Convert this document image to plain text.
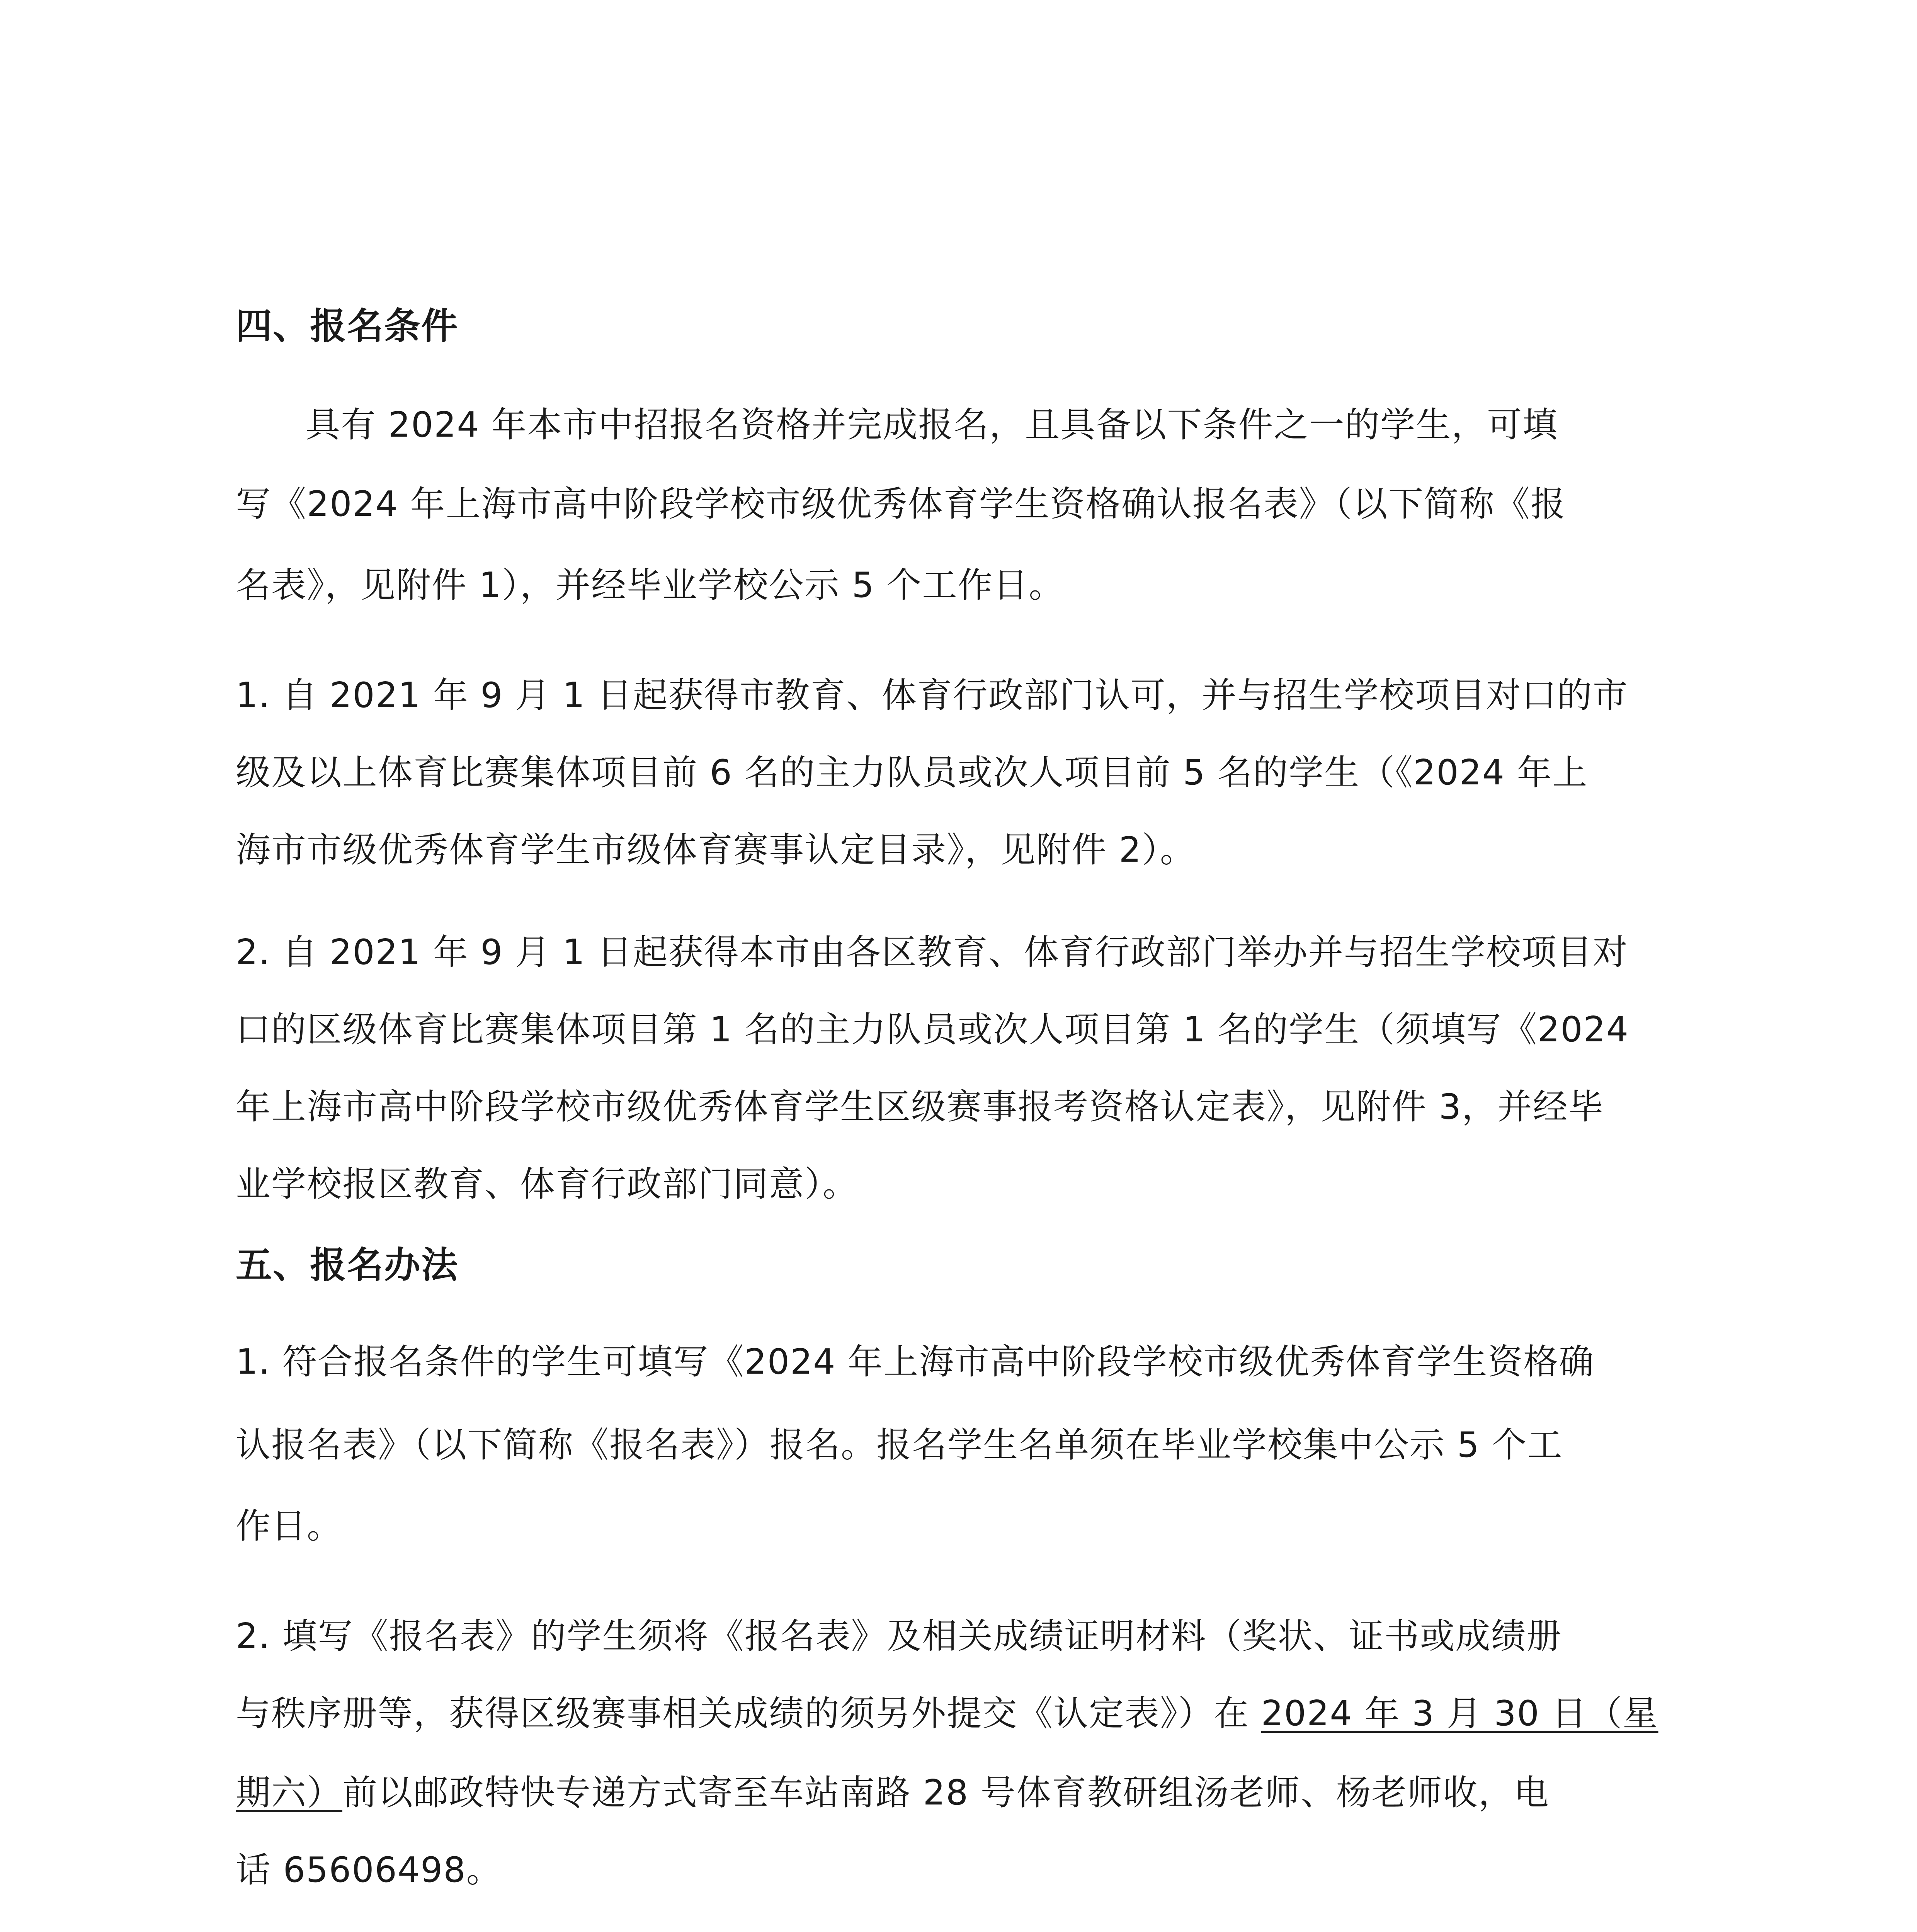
四、报名条件
具有 2024 年本市中招报名资格并完成报名，且具备以下条件之一的学生，可填
写《2024 年上海市高中阶段学校市级优秀体育学生资格确认报名表》（以下简称《报
名表》，见附件 1），并经毕业学校公示 5 个工作日。
1. 自 2021 年 9 月 1 日起获得市教育、体育行政部门认可，并与招生学校项目对口的市
级及以上体育比赛集体项目前 6 名的主力队员或次人项目前 5 名的学生（《2024 年上
海市市级优秀体育学生市级体育赛事认定目录》，见附件 2）。
2. 自 2021 年 9 月 1 日起获得本市由各区教育、体育行政部门举办并与招生学校项目对
口的区级体育比赛集体项目第 1 名的主力队员或次人项目第 1 名的学生（须填写《2024
年上海市高中阶段学校市级优秀体育学生区级赛事报考资格认定表》，见附件 3，并经毕
业学校报区教育、体育行政部门同意）。
五、报名办法
1. 符合报名条件的学生可填写《2024 年上海市高中阶段学校市级优秀体育学生资格确
认报名表》（以下简称《报名表》）报名。报名学生名单须在毕业学校集中公示 5 个工
作日。
2. 填写《报名表》的学生须将《报名表》及相关成绩证明材料（奖状、证书或成绩册
与秩序册等，获得区级赛事相关成绩的须另外提交《认定表》）在 2024 年 3 月 30 日（星
期六）前以邮政特快专递方式寄至车站南路 28 号体育教研组汤老师、杨老师收，电
话 65606498。
